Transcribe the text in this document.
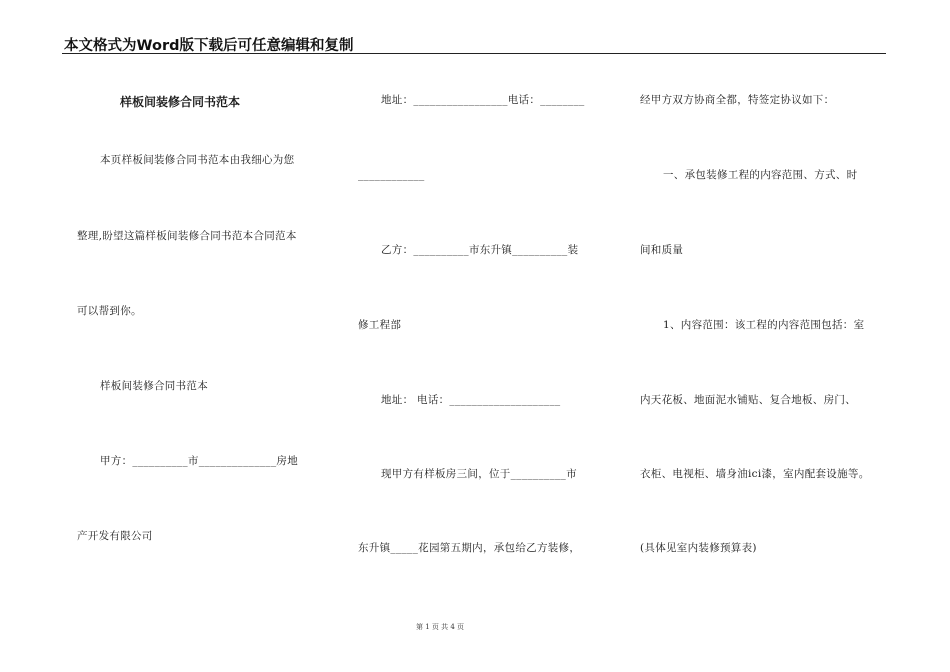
本文格式为Word版下载后可任意编辑和复制
样板间装修合同书范本
本页样板间装修合同书范本由我细心为您
整理,盼望这篇样板间装修合同书范本合同范本
可以帮到你。
样板间装修合同书范本
甲方：__________市______________房地
产开发有限公司
地址：_________________电话：________
____________
乙方：__________市东升镇__________装
修工程部
地址： 电话：____________________
现甲方有样板房三间，位于__________市
东升镇_____花园第五期内，承包给乙方装修，
经甲方双方协商全都，特签定协议如下：
一、承包装修工程的内容范围、方式、时
间和质量
1、内容范围：该工程的内容范围包括：室
内天花板、地面泥水铺贴、复合地板、房门、
衣柜、电视柜、墙身油ici漆，室内配套设施等。
(具体见室内装修预算表)
第 1 页 共 4 页
